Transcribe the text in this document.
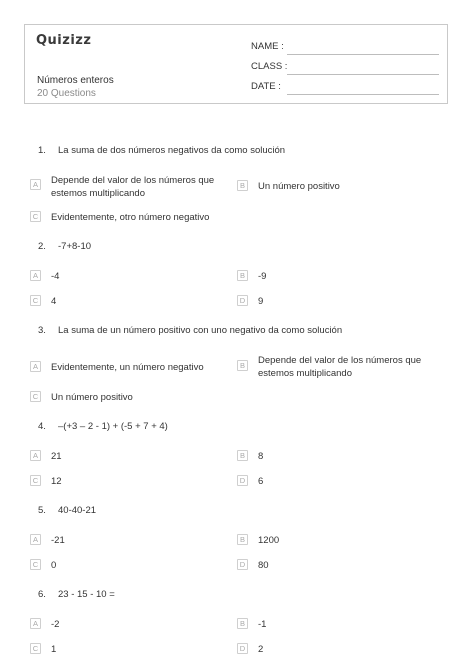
Quizizz
Números enteros
20 Questions
NAME :
CLASS :
DATE :
1. La suma de dos números negativos da como solución
A	Depende del valor de los números que
estemos multiplicando
B	Un número positivo
C Evidentemente, otro número negativo
2. -7+8-10
A	-4	B	-9
C 4	D 9
3. La suma de un número positivo con uno negativo da como solución
A	Evidentemente, un número negativo	B	Depende del valor de los números que
estemos multiplicando
C Un número positivo
4. –(+3 – 2 - 1) + (-5 + 7 + 4)
A	21	B	8
C 12	D 6
5. 40-40-21
A	-21	B	1200
C 0	D 80
6. 23 - 15 - 10 =
A	-2	B	-1
C 1	D 2
